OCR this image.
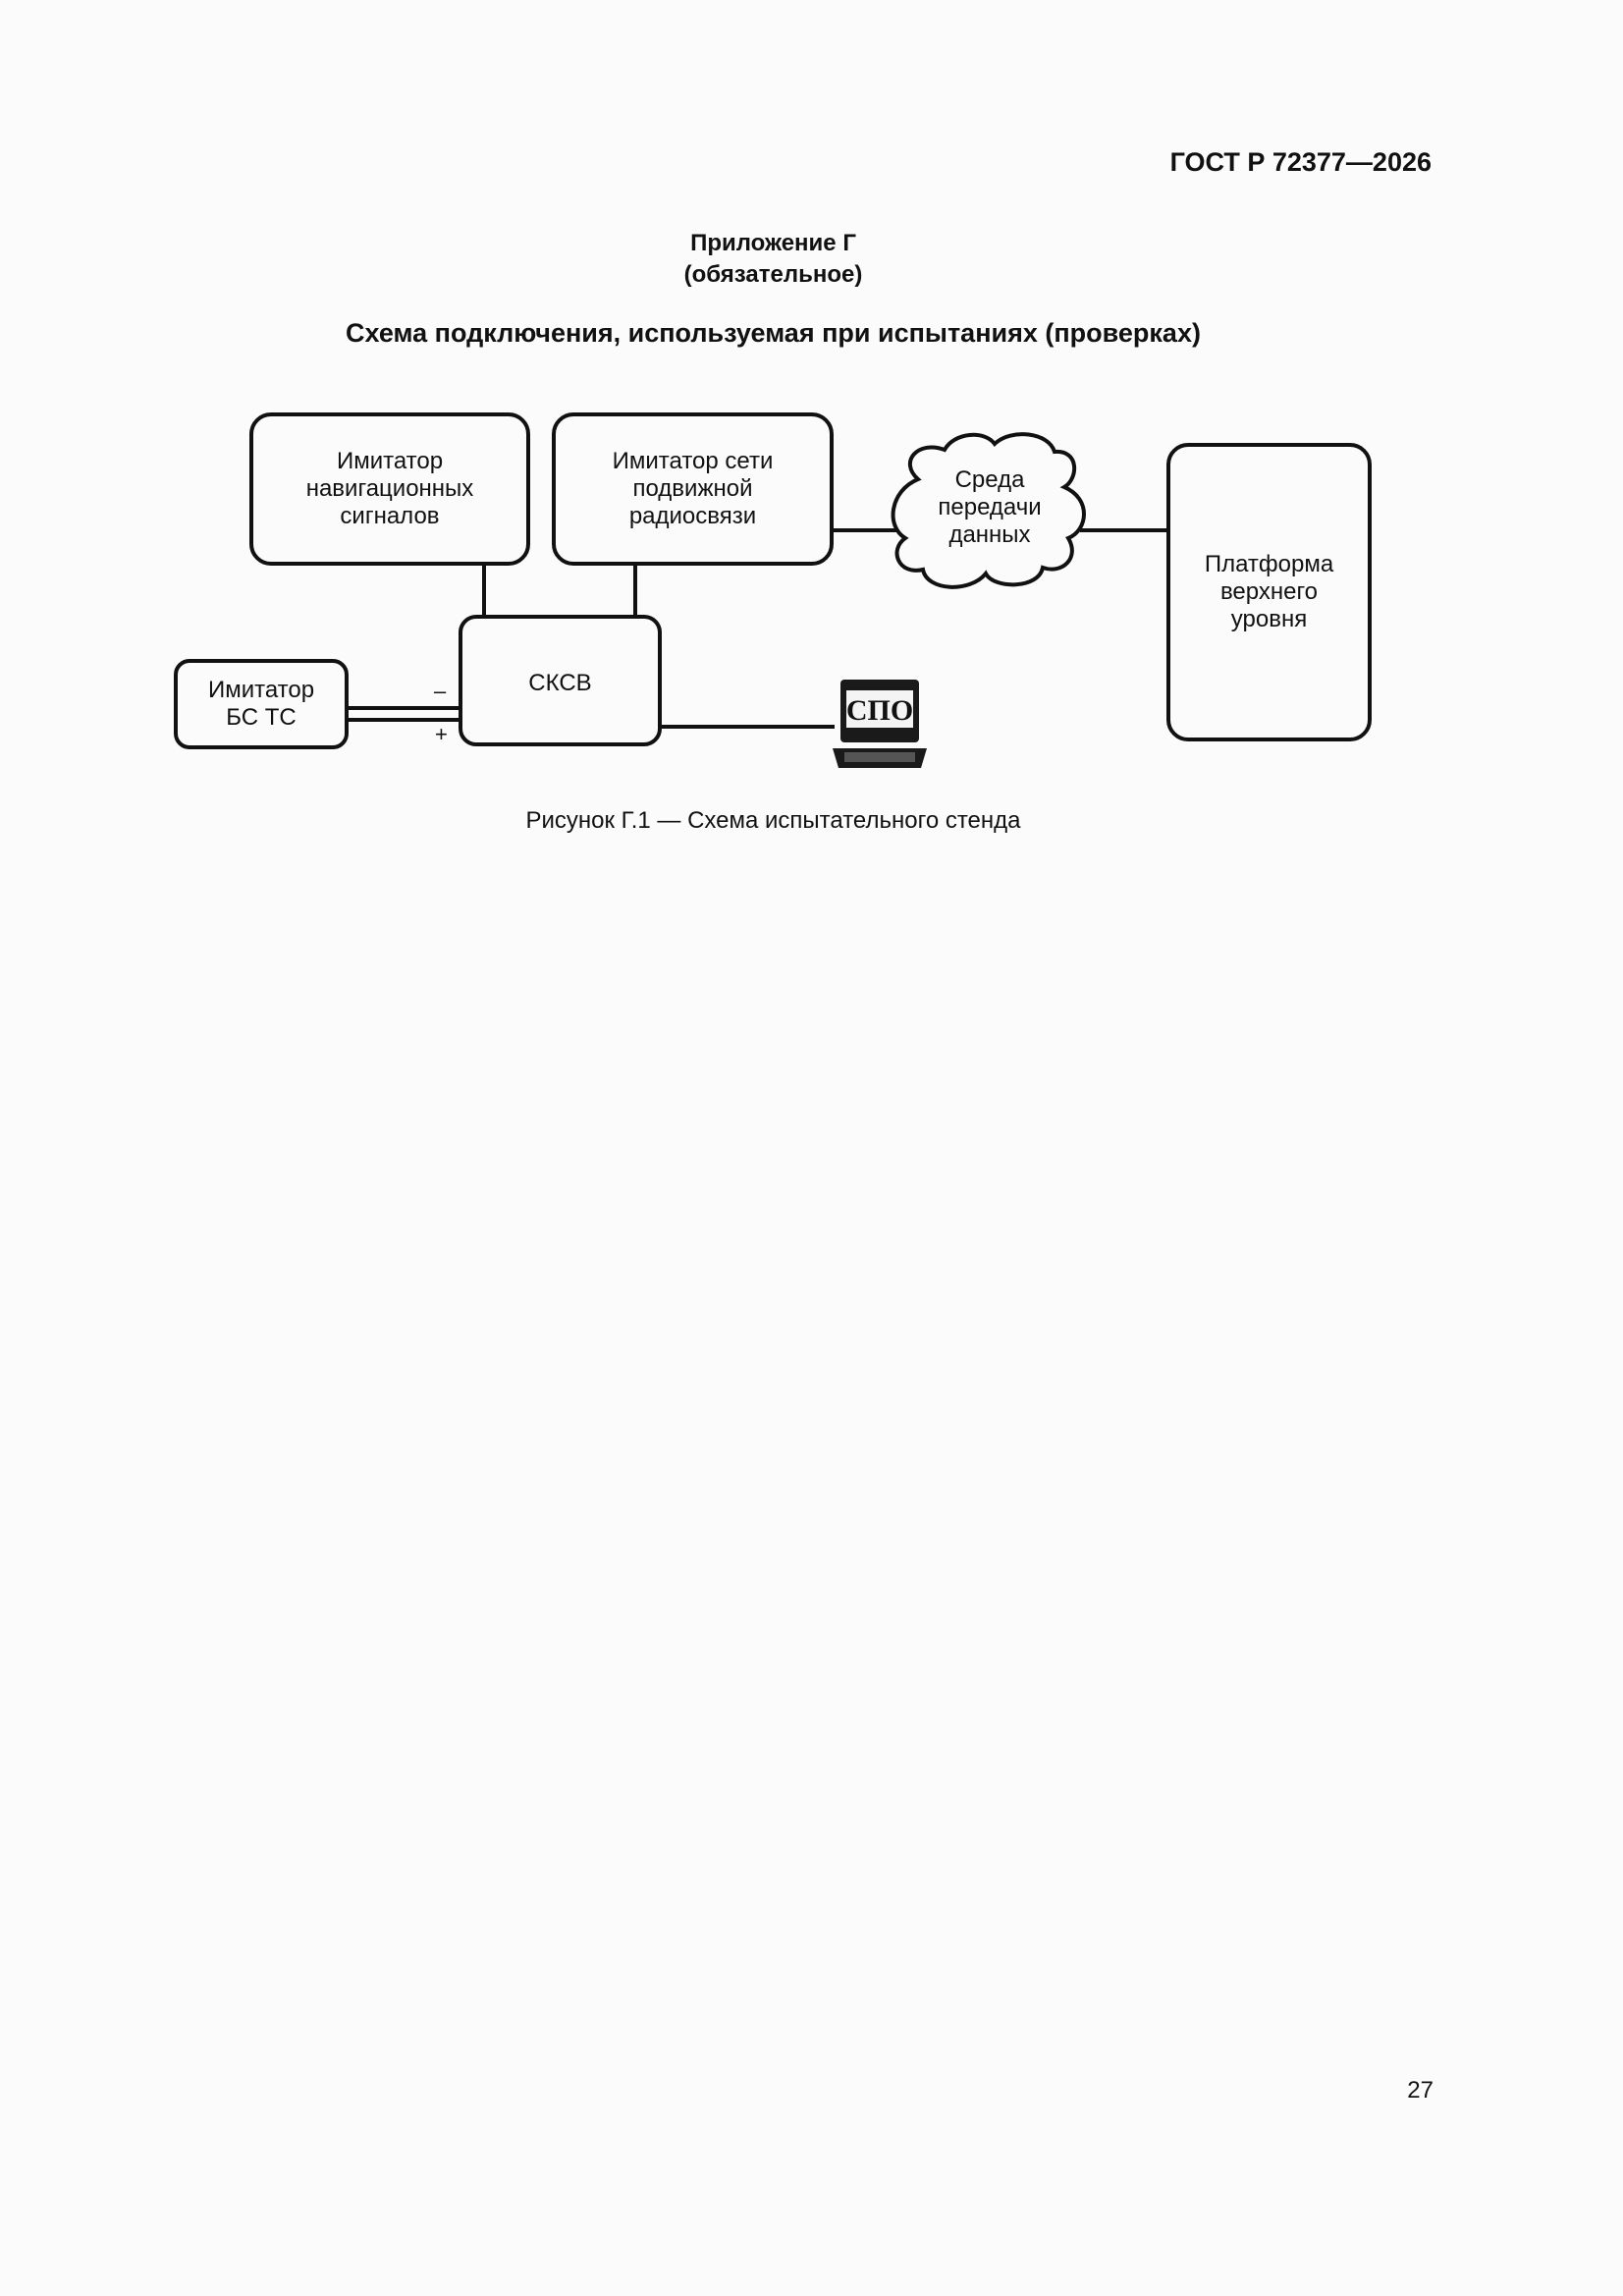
ГОСТ Р 72377—2026
Приложение Г
(обязательное)
Схема подключения, используемая при испытаниях (проверках)
–
+
Среда
передачи
данных
СПО
Имитатор
навигационных
сигналов
Имитатор сети
подвижной
радиосвязи
Платформа
верхнего
уровня
СКСВ
Имитатор
БС ТС
Рисунок Г.1 — Схема испытательного стенда
27
